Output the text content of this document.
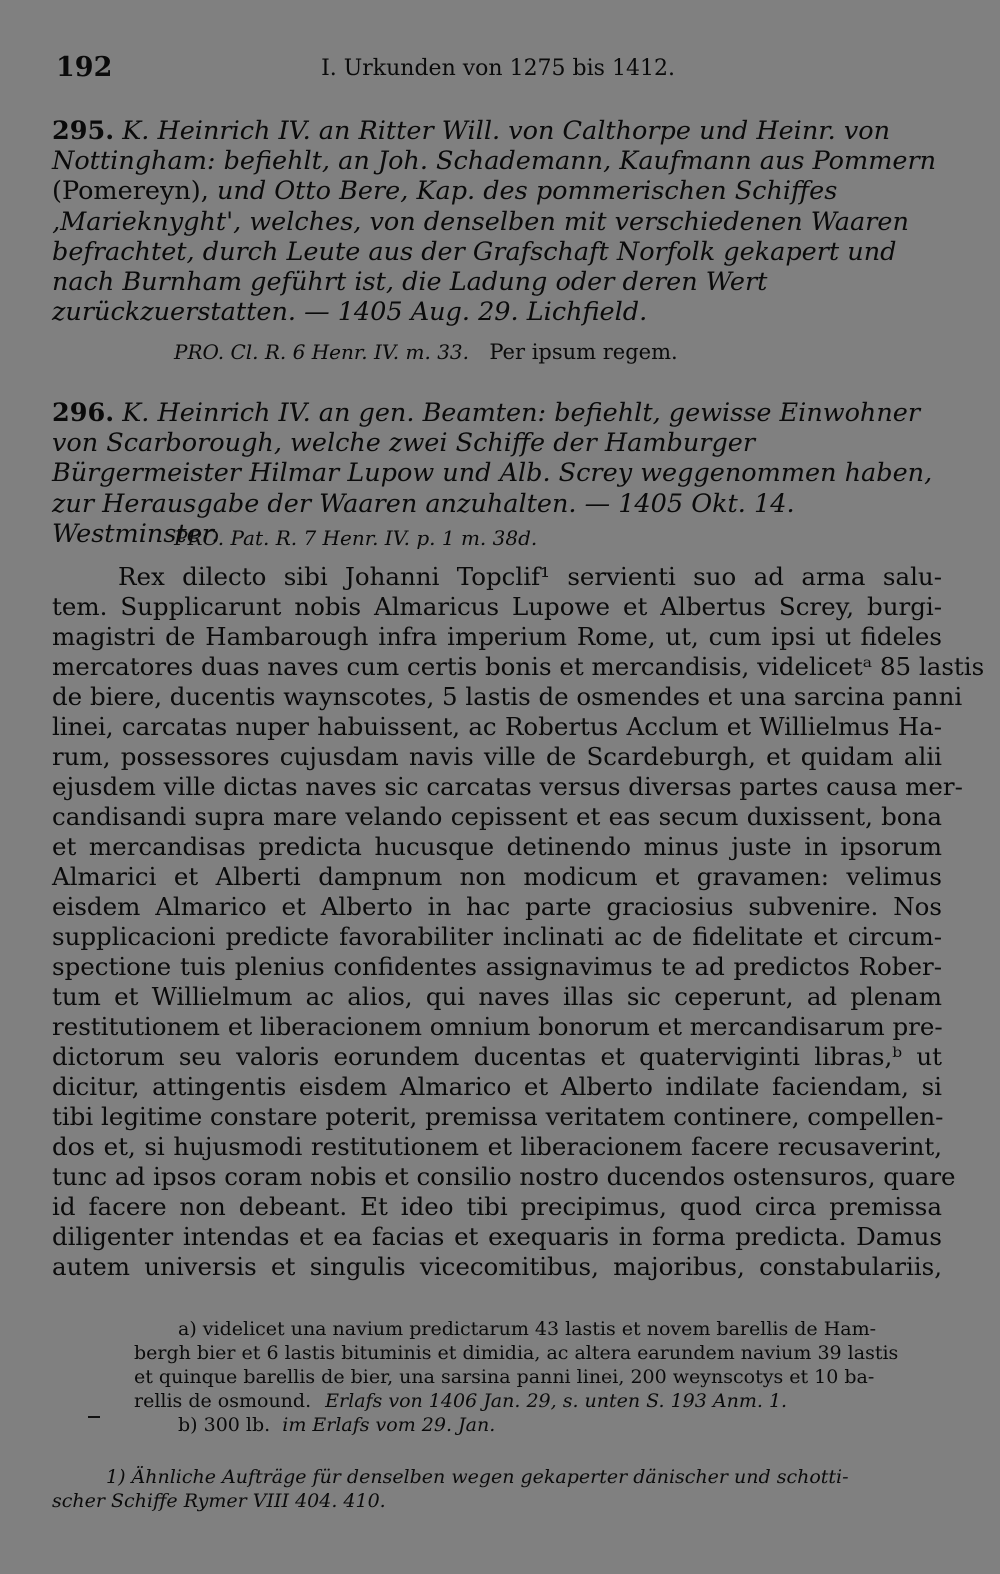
192	I. Urkunden von 1275 bis 1412.
295. K. Heinrich IV. an Ritter Will. von Calthorpe und Heinr. von Nottingham: befiehlt, an Joh. Schademann, Kaufmann aus Pommern (Pomereyn), und Otto Bere, Kap. des pommerischen Schiffes ‚Marieknyght', welches, von denselben mit verschiedenen Waaren befrachtet, durch Leute aus der Grafschaft Norfolk gekapert und nach Burnham geführt ist, die Ladung oder deren Wert zurückzuerstatten. — 1405 Aug. 29. Lichfield.
PRO. Cl. R. 6 Henr. IV. m. 33. Per ipsum regem.
296. K. Heinrich IV. an gen. Beamten: befiehlt, gewisse Einwohner von Scarborough, welche zwei Schiffe der Hamburger Bürgermeister Hilmar Lupow und Alb. Screy weggenommen haben, zur Herausgabe der Waaren anzuhalten. — 1405 Okt. 14. Westminster.
PRO. Pat. R. 7 Henr. IV. p. 1 m. 38d.
Rex dilecto sibi Johanni Topclif¹ servienti suo ad arma salu-
tem. Supplicarunt nobis Almaricus Lupowe et Albertus Screy, burgi-
magistri de Hambarough infra imperium Rome, ut, cum ipsi ut fideles
mercatores duas naves cum certis bonis et mercandisis, videlicetᵃ 85 lastis
de biere, ducentis waynscotes, 5 lastis de osmendes et una sarcina panni
linei, carcatas nuper habuissent, ac Robertus Acclum et Willielmus Ha-
rum, possessores cujusdam navis ville de Scardeburgh, et quidam alii
ejusdem ville dictas naves sic carcatas versus diversas partes causa mer-
candisandi supra mare velando cepissent et eas secum duxissent, bona
et mercandisas predicta hucusque detinendo minus juste in ipsorum
Almarici et Alberti dampnum non modicum et gravamen: velimus
eisdem Almarico et Alberto in hac parte graciosius subvenire. Nos
supplicacioni predicte favorabiliter inclinati ac de fidelitate et circum-
spectione tuis plenius confidentes assignavimus te ad predictos Rober-
tum et Willielmum ac alios, qui naves illas sic ceperunt, ad plenam
restitutionem et liberacionem omnium bonorum et mercandisarum pre-
dictorum seu valoris eorundem ducentas et quaterviginti libras,ᵇ ut
dicitur, attingentis eisdem Almarico et Alberto indilate faciendam, si
tibi legitime constare poterit, premissa veritatem continere, compellen-
dos et, si hujusmodi restitutionem et liberacionem facere recusaverint,
tunc ad ipsos coram nobis et consilio nostro ducendos ostensuros, quare
id facere non debeant. Et ideo tibi precipimus, quod circa premissa
diligenter intendas et ea facias et exequaris in forma predicta. Damus
autem universis et singulis vicecomitibus, majoribus, constabulariis,
a) videlicet una navium predictarum 43 lastis et novem barellis de Ham-
bergh bier et 6 lastis bituminis et dimidia, ac altera earundem navium 39 lastis
et quinque barellis de bier, una sarsina panni linei, 200 weynscotys et 10 ba-
rellis de osmound. Erlafs von 1406 Jan. 29, s. unten S. 193 Anm. 1.
b) 300 lb. im Erlafs vom 29. Jan.
1) Ähnliche Aufträge für denselben wegen gekaperter dänischer und schotti-
scher Schiffe Rymer VIII 404. 410.
